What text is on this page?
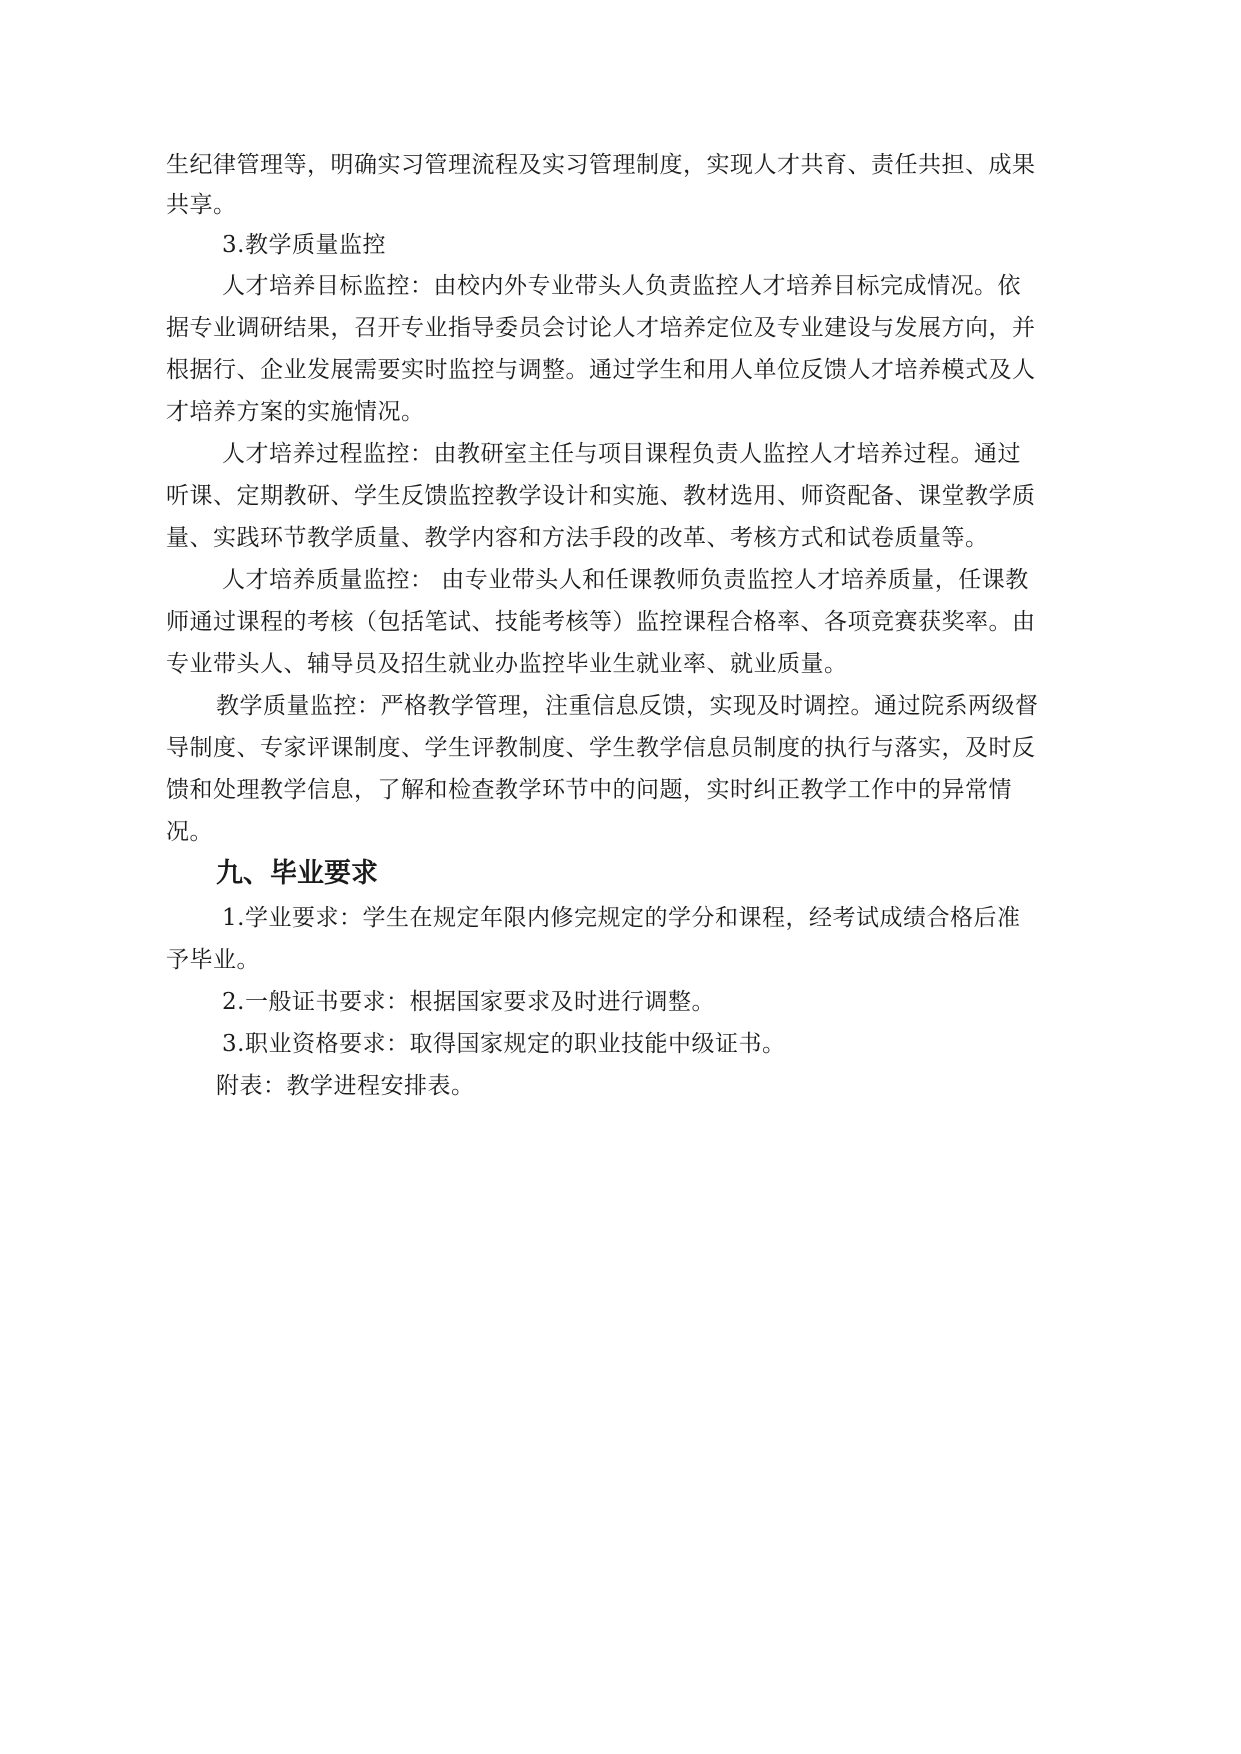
生纪律管理等，明确实习管理流程及实习管理制度，实现人才共育、责任共担、成果
共享。
3.教学质量监控
人才培养目标监控：由校内外专业带头人负责监控人才培养目标完成情况。依
据专业调研结果，召开专业指导委员会讨论人才培养定位及专业建设与发展方向，并
根据行、企业发展需要实时监控与调整。通过学生和用人单位反馈人才培养模式及人
才培养方案的实施情况。
人才培养过程监控：由教研室主任与项目课程负责人监控人才培养过程。通过
听课、定期教研、学生反馈监控教学设计和实施、教材选用、师资配备、课堂教学质
量、实践环节教学质量、教学内容和方法手段的改革、考核方式和试卷质量等。
人才培养质量监控： 由专业带头人和任课教师负责监控人才培养质量，任课教
师通过课程的考核（包括笔试、技能考核等）监控课程合格率、各项竞赛获奖率。由
专业带头人、辅导员及招生就业办监控毕业生就业率、就业质量。
教学质量监控：严格教学管理，注重信息反馈，实现及时调控。通过院系两级督
导制度、专家评课制度、学生评教制度、学生教学信息员制度的执行与落实，及时反
馈和处理教学信息，了解和检查教学环节中的问题，实时纠正教学工作中的异常情
况。
九、毕业要求
1.学业要求：学生在规定年限内修完规定的学分和课程，经考试成绩合格后准
予毕业。
2.一般证书要求：根据国家要求及时进行调整。
3.职业资格要求：取得国家规定的职业技能中级证书。
附表：教学进程安排表。
